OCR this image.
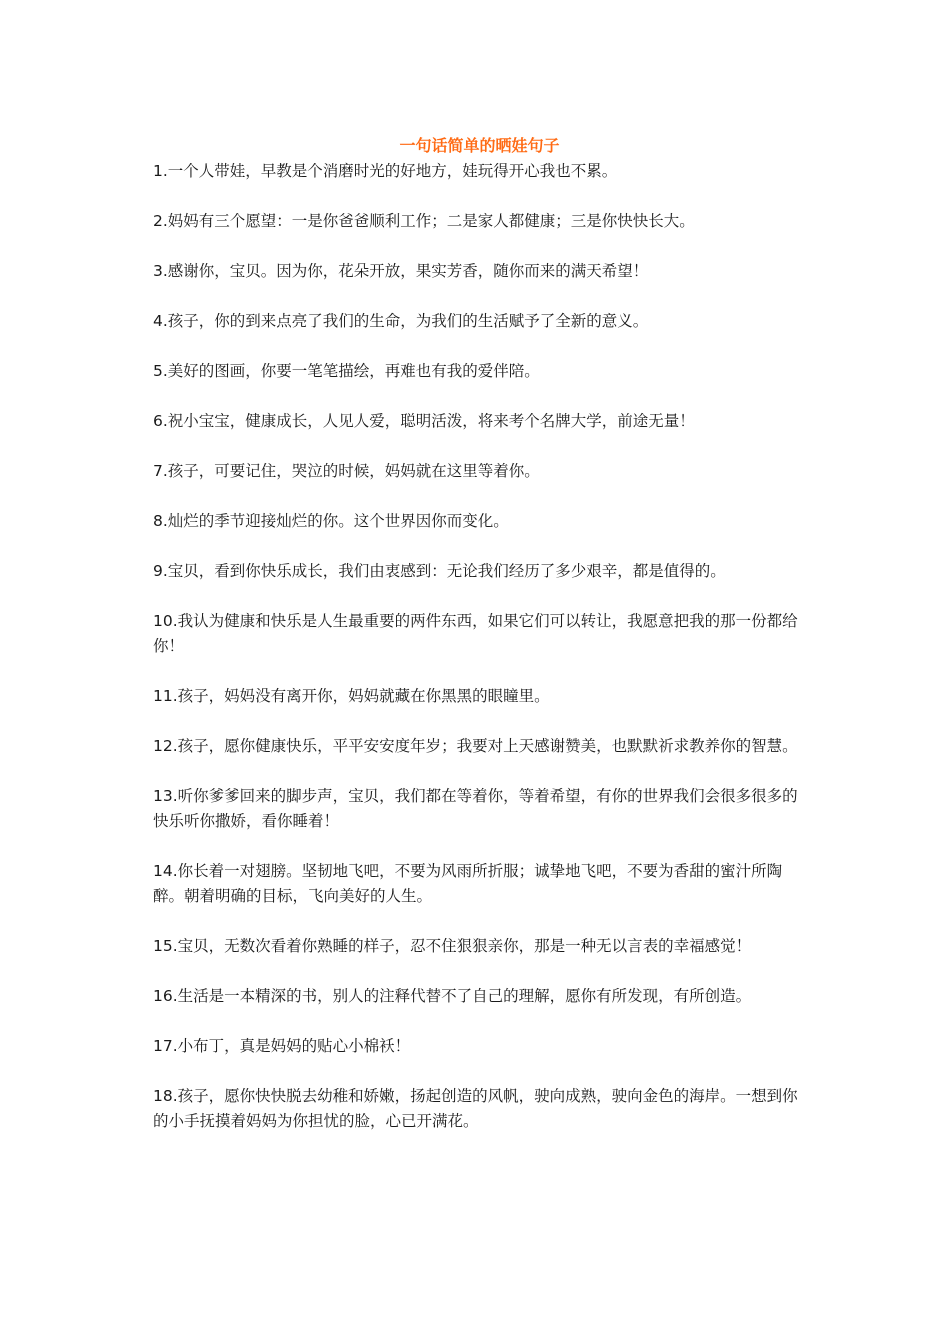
一句话简单的晒娃句子

1.一个人带娃，早教是个消磨时光的好地方，娃玩得开心我也不累。

2.妈妈有三个愿望：一是你爸爸顺利工作；二是家人都健康；三是你快快长大。

3.感谢你，宝贝。因为你，花朵开放，果实芳香，随你而来的满天希望！

4.孩子，你的到来点亮了我们的生命，为我们的生活赋予了全新的意义。

5.美好的图画，你要一笔笔描绘，再难也有我的爱伴陪。

6.祝小宝宝，健康成长，人见人爱，聪明活泼，将来考个名牌大学，前途无量！

7.孩子，可要记住，哭泣的时候，妈妈就在这里等着你。

8.灿烂的季节迎接灿烂的你。这个世界因你而变化。

9.宝贝，看到你快乐成长，我们由衷感到：无论我们经历了多少艰辛，都是值得的。

10.我认为健康和快乐是人生最重要的两件东西，如果它们可以转让，我愿意把我的那一份都给你！

11.孩子，妈妈没有离开你，妈妈就藏在你黑黑的眼瞳里。

12.孩子，愿你健康快乐，平平安安度年岁；我要对上天感谢赞美，也默默祈求教养你的智慧。

13.听你爹爹回来的脚步声，宝贝，我们都在等着你，等着希望，有你的世界我们会很多很多的快乐听你撒娇，看你睡着！

14.你长着一对翅膀。坚韧地飞吧，不要为风雨所折服；诚挚地飞吧，不要为香甜的蜜汁所陶醉。朝着明确的目标，飞向美好的人生。

15.宝贝，无数次看着你熟睡的样子，忍不住狠狠亲你，那是一种无以言表的幸福感觉！

16.生活是一本精深的书，别人的注释代替不了自己的理解，愿你有所发现，有所创造。

17.小布丁，真是妈妈的贴心小棉袄！

18.孩子，愿你快快脱去幼稚和娇嫩，扬起创造的风帆，驶向成熟，驶向金色的海岸。一想到你的小手抚摸着妈妈为你担忧的脸，心已开满花。
